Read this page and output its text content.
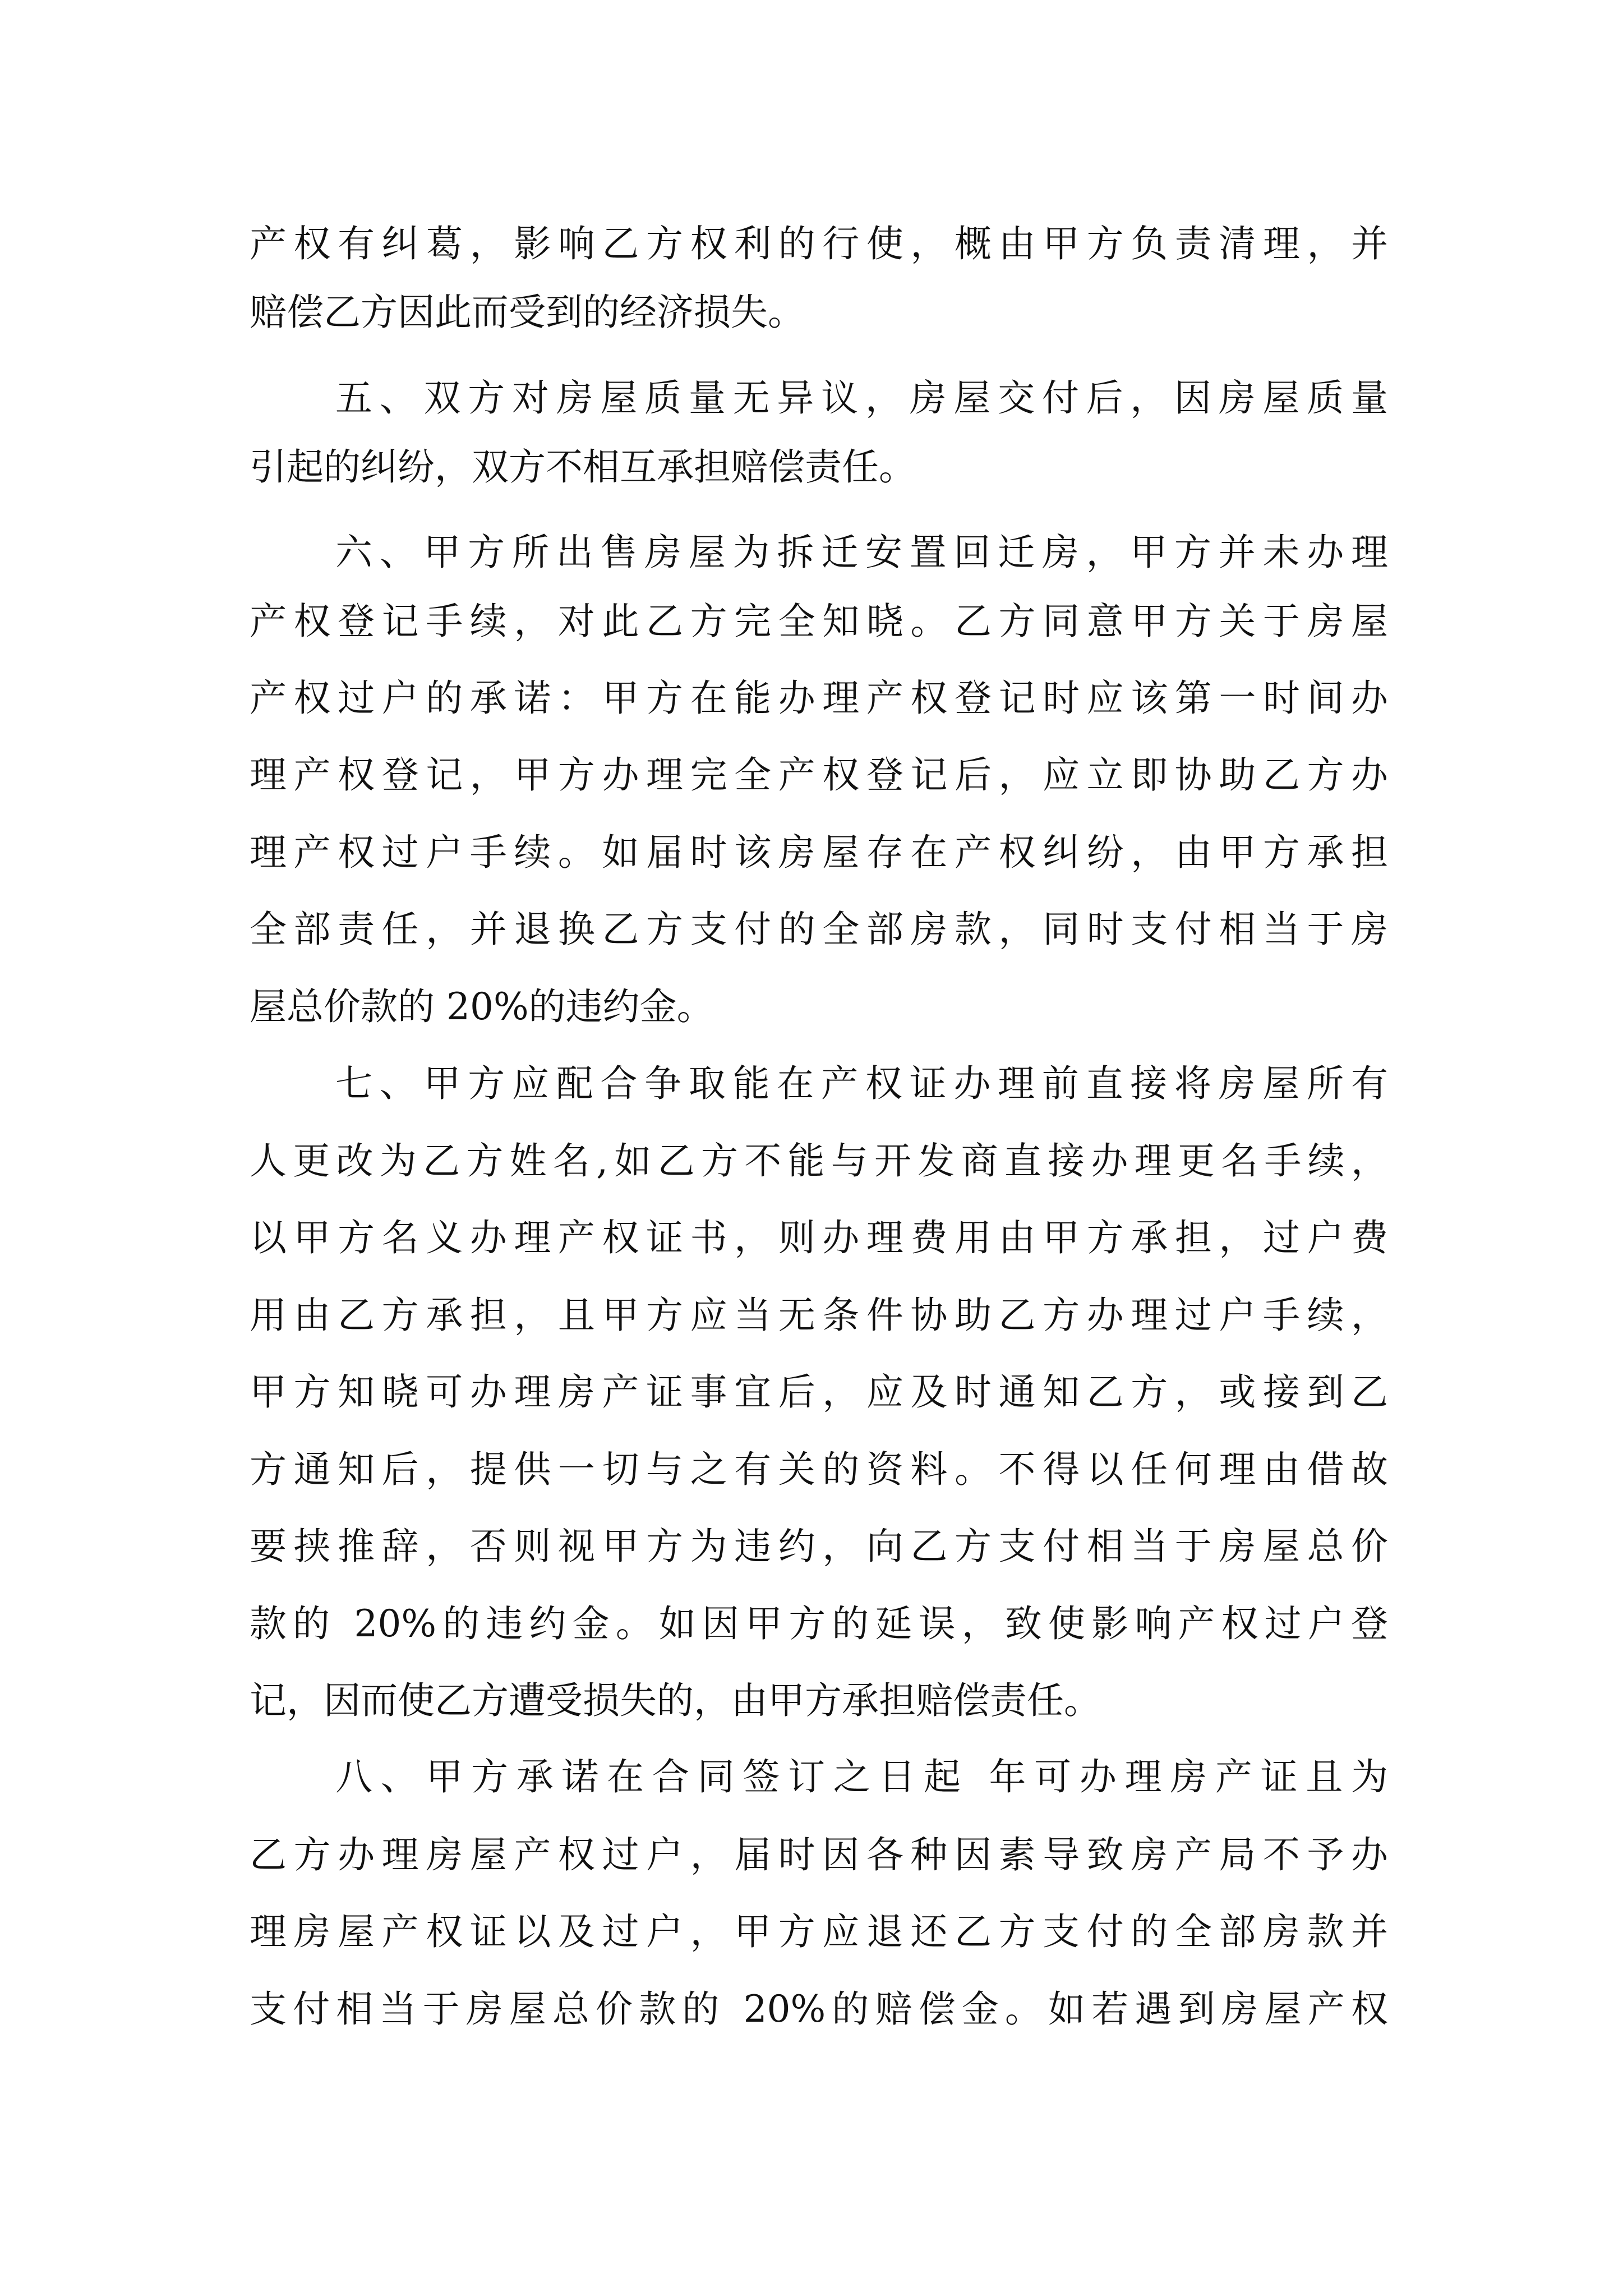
产权有纠葛，影响乙方权利的行使，概由甲方负责清理，并
赔偿乙方因此而受到的经济损失。
五、双方对房屋质量无异议，房屋交付后，因房屋质量
引起的纠纷，双方不相互承担赔偿责任。
六、甲方所出售房屋为拆迁安置回迁房，甲方并未办理
产权登记手续，对此乙方完全知晓。乙方同意甲方关于房屋
产权过户的承诺：甲方在能办理产权登记时应该第一时间办
理产权登记，甲方办理完全产权登记后，应立即协助乙方办
理产权过户手续。如届时该房屋存在产权纠纷，由甲方承担
全部责任，并退换乙方支付的全部房款，同时支付相当于房
屋总价款的 20%的违约金。
七、甲方应配合争取能在产权证办理前直接将房屋所有
人更改为乙方姓名,如乙方不能与开发商直接办理更名手续，
以甲方名义办理产权证书，则办理费用由甲方承担，过户费
用由乙方承担，且甲方应当无条件协助乙方办理过户手续，
甲方知晓可办理房产证事宜后，应及时通知乙方，或接到乙
方通知后，提供一切与之有关的资料。不得以任何理由借故
要挟推辞，否则视甲方为违约，向乙方支付相当于房屋总价
款的 20%的违约金。如因甲方的延误，致使影响产权过户登
记，因而使乙方遭受损失的，由甲方承担赔偿责任。
八、甲方承诺在合同签订之日起 年可办理房产证且为
乙方办理房屋产权过户，届时因各种因素导致房产局不予办
理房屋产权证以及过户，甲方应退还乙方支付的全部房款并
支付相当于房屋总价款的 20%的赔偿金。如若遇到房屋产权
